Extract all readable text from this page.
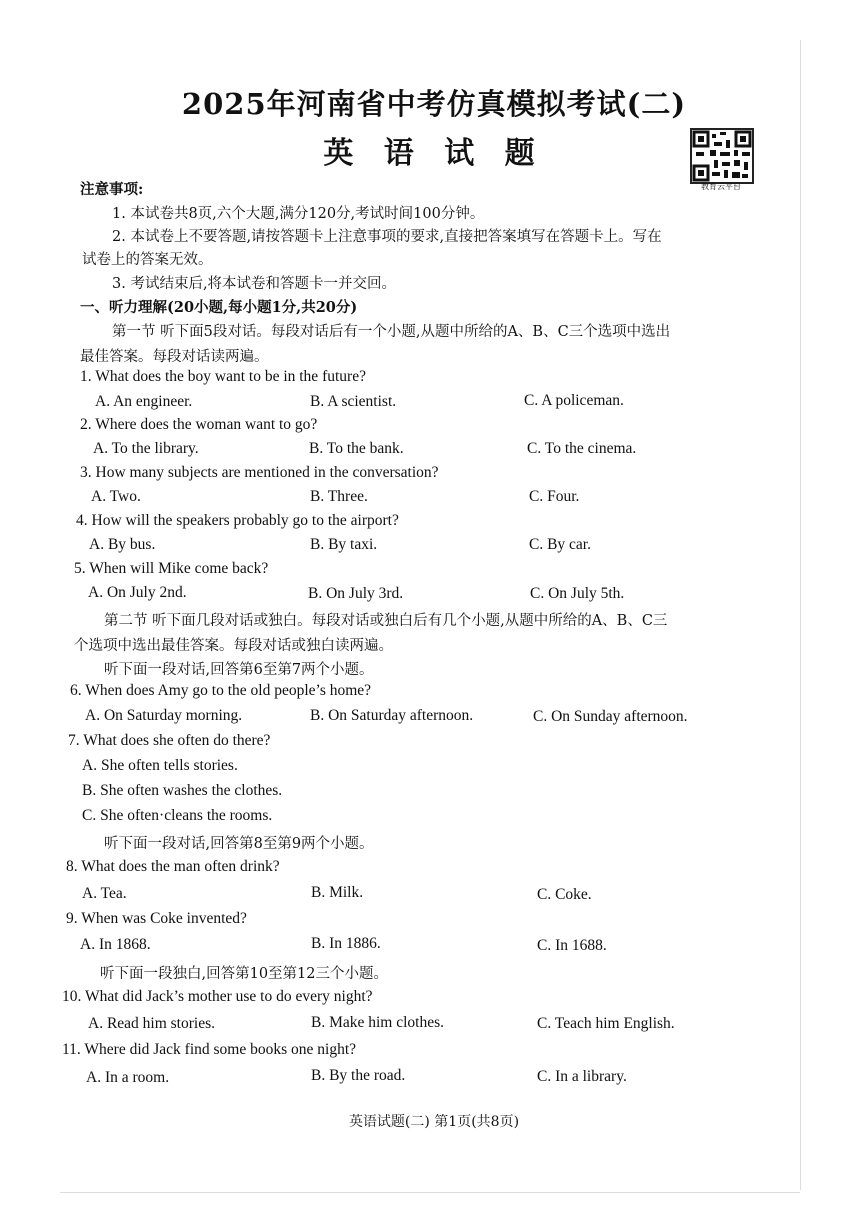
2025年河南省中考仿真模拟考试(二)
英 语 试 题
教育云平台
注意事项:
1. 本试卷共8页,六个大题,满分120分,考试时间100分钟。
2. 本试卷上不要答题,请按答题卡上注意事项的要求,直接把答案填写在答题卡上。写在
试卷上的答案无效。
3. 考试结束后,将本试卷和答题卡一并交回。
一、听力理解(20小题,每小题1分,共20分)
第一节 听下面5段对话。每段对话后有一个小题,从题中所给的A、B、C三个选项中选出
最佳答案。每段对话读两遍。
1. What does the boy want to be in the future?
A. An engineer.	B. A scientist.	C. A policeman.
2. Where does the woman want to go?
A. To the library.	B. To the bank.	C. To the cinema.
3. How many subjects are mentioned in the conversation?
A. Two.	B. Three.	C. Four.
4. How will the speakers probably go to the airport?
A. By bus.	B. By taxi.	C. By car.
5. When will Mike come back?
A. On July 2nd.	B. On July 3rd.	C. On July 5th.
第二节 听下面几段对话或独白。每段对话或独白后有几个小题,从题中所给的A、B、C三
个选项中选出最佳答案。每段对话或独白读两遍。
听下面一段对话,回答第6至第7两个小题。
6. When does Amy go to the old people’s home?
A. On Saturday morning.	B. On Saturday afternoon.	C. On Sunday afternoon.
7. What does she often do there?
A. She often tells stories.
B. She often washes the clothes.
C. She often·cleans the rooms.
听下面一段对话,回答第8至第9两个小题。
8. What does the man often drink?
A. Tea.	B. Milk.	C. Coke.
9. When was Coke invented?
A. In 1868.	B. In 1886.	C. In 1688.
听下面一段独白,回答第10至第12三个小题。
10. What did Jack’s mother use to do every night?
A. Read him stories.	B. Make him clothes.	C. Teach him English.
11. Where did Jack find some books one night?
A. In a room.	B. By the road.	C. In a library.
英语试题(二) 第1页(共8页)
